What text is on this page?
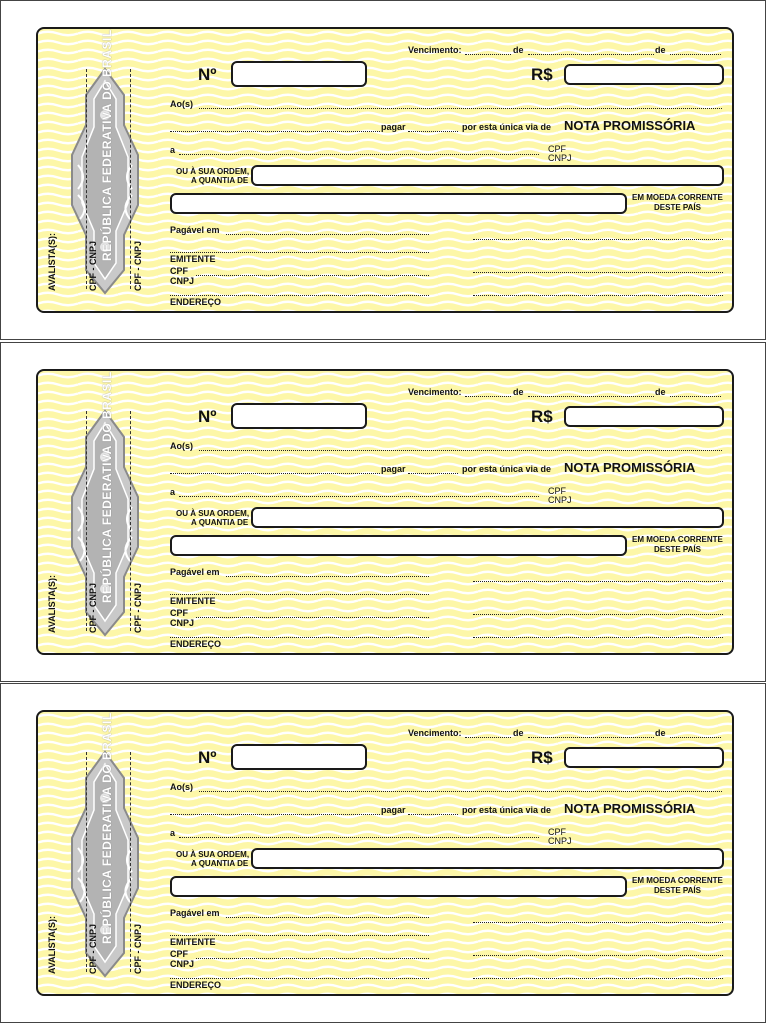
REPÚBLICA FEDERATIVA DO BRASIL
CPF - CNPJ	CPF - CNPJ
AVALISTA(S):
Vencimento:	de	de
Nº	R$
Ao(s)
pagar	por esta única via de NOTA PROMISSÓRIA
a	CPF
CNPJ
OU À SUA ORDEM,
A QUANTIA DE
EM MOEDA CORRENTE
DESTE PAÍS
Pagável em
EMITENTE
CPF
CNPJ
ENDEREÇO
REPÚBLICA FEDERATIVA DO BRASIL
CPF - CNPJ	CPF - CNPJ
AVALISTA(S):
Vencimento:	de	de
Nº	R$
Ao(s)
pagar	por esta única via de NOTA PROMISSÓRIA
a	CPF
CNPJ
OU À SUA ORDEM,
A QUANTIA DE
EM MOEDA CORRENTE
DESTE PAÍS
Pagável em
EMITENTE
CPF
CNPJ
ENDEREÇO
REPÚBLICA FEDERATIVA DO BRASIL
CPF - CNPJ	CPF - CNPJ
AVALISTA(S):
Vencimento:	de	de
Nº	R$
Ao(s)
pagar	por esta única via de NOTA PROMISSÓRIA
a	CPF
CNPJ
OU À SUA ORDEM,
A QUANTIA DE
EM MOEDA CORRENTE
DESTE PAÍS
Pagável em
EMITENTE
CPF
CNPJ
ENDEREÇO
